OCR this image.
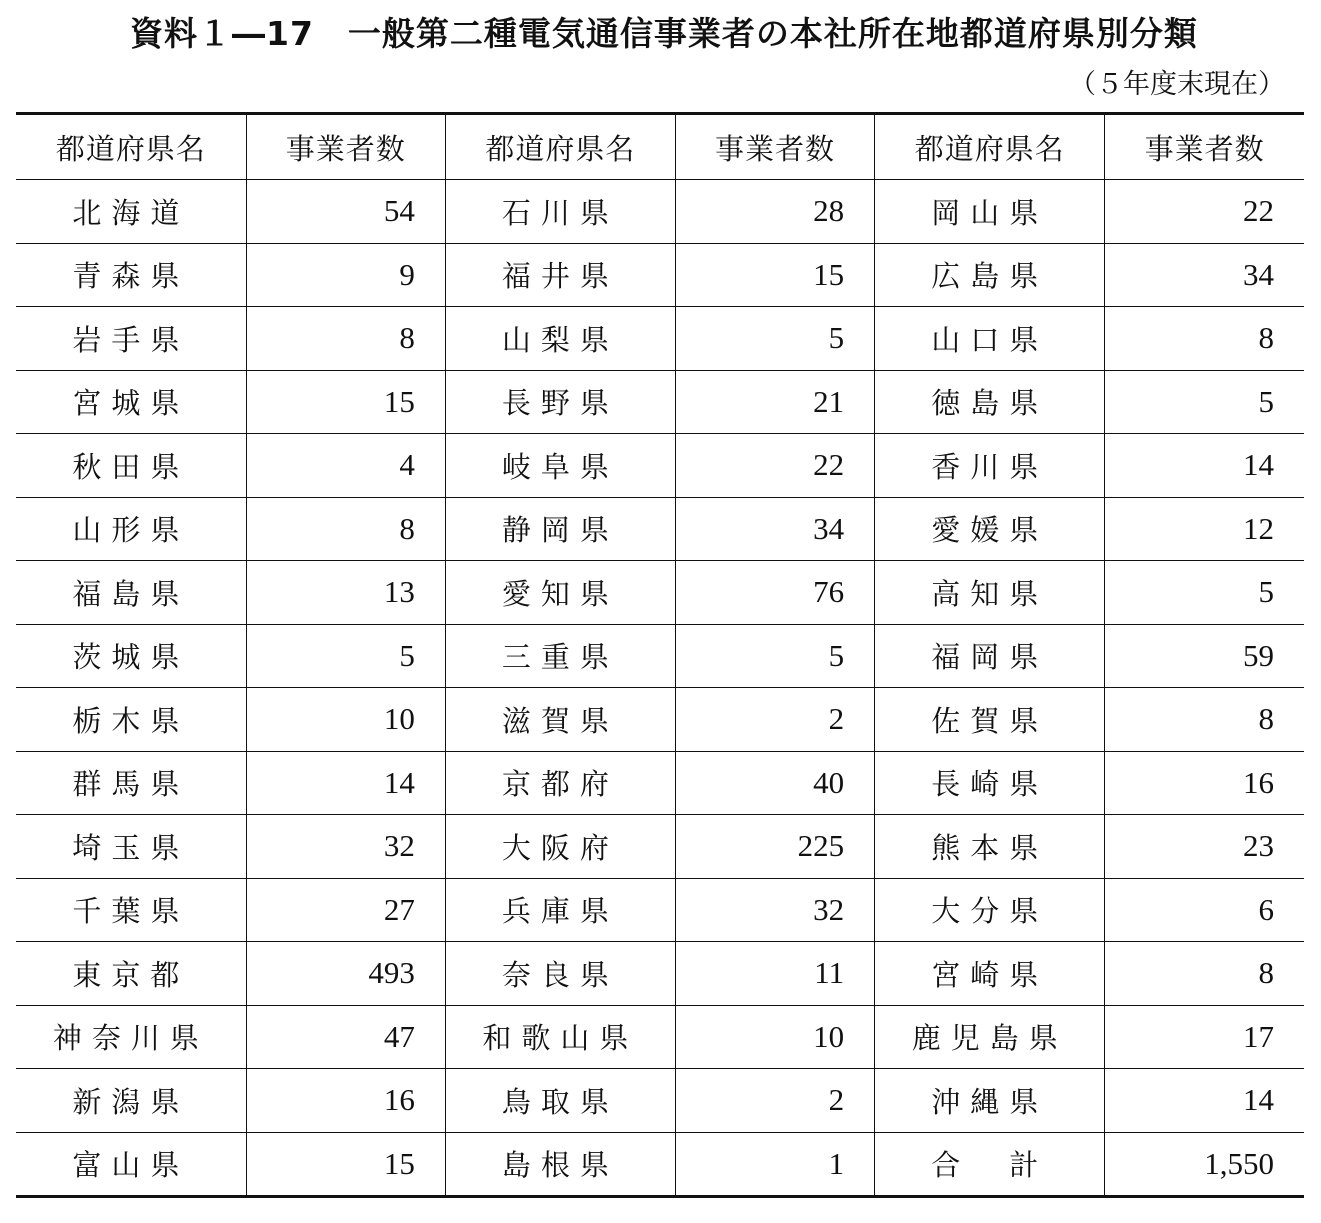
資料１―17　一般第二種電気通信事業者の本社所在地都道府県別分類
（５年度末現在）
都道府県名	事業者数	都道府県名	事業者数	都道府県名	事業者数
北海道	54	石川県	28	岡山県	22
青森県	9	福井県	15	広島県	34
岩手県	8	山梨県	5	山口県	8
宮城県	15	長野県	21	徳島県	5
秋田県	4	岐阜県	22	香川県	14
山形県	8	静岡県	34	愛媛県	12
福島県	13	愛知県	76	高知県	5
茨城県	5	三重県	5	福岡県	59
栃木県	10	滋賀県	2	佐賀県	8
群馬県	14	京都府	40	長崎県	16
埼玉県	32	大阪府	225	熊本県	23
千葉県	27	兵庫県	32	大分県	6
東京都	493	奈良県	11	宮崎県	8
神奈川県	47	和歌山県	10	鹿児島県	17
新潟県	16	鳥取県	2	沖縄県	14
富山県	15	島根県	1	合　計	1,550
